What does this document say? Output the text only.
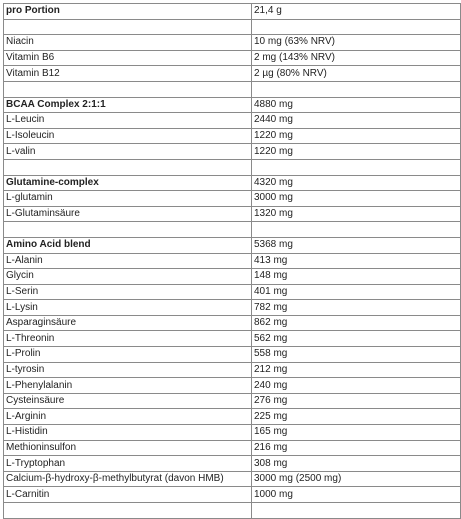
pro Portion	21,4 g

Niacin	10 mg (63% NRV)
Vitamin B6	2 mg (143% NRV)
Vitamin B12	2 µg (80% NRV)

BCAA Complex 2:1:1	4880 mg
L-Leucin	2440 mg
L-Isoleucin	1220 mg
L-valin	1220 mg

Glutamine-complex	4320 mg
L-glutamin	3000 mg
L-Glutaminsäure	1320 mg

Amino Acid blend	5368 mg
L-Alanin	413 mg
Glycin	148 mg
L-Serin	401 mg
L-Lysin	782 mg
Asparaginsäure	862 mg
L-Threonin	562 mg
L-Prolin	558 mg
L-tyrosin	212 mg
L-Phenylalanin	240 mg
Cysteinsäure	276 mg
L-Arginin	225 mg
L-Histidin	165 mg
Methioninsulfon	216 mg
L-Tryptophan	308 mg
Calcium-β-hydroxy-β-methylbutyrat (davon HMB)	3000 mg (2500 mg)
L-Carnitin	1000 mg
